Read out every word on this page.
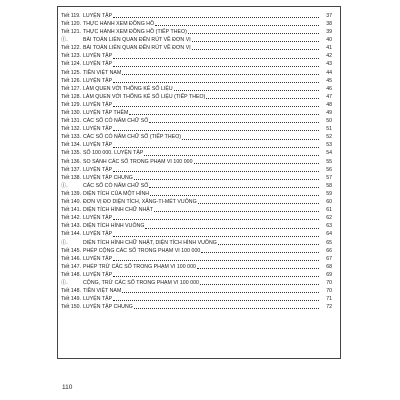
Tiết 119. LUYỆN TẬP	37
Tiết 120. THỰC HÀNH XEM ĐỒNG HỒ	38
Tiết 121. THỰC HÀNH XEM ĐỒNG HỒ (TIẾP THEO)	39
Ⓘ.	BÀI TOÁN LIÊN QUAN ĐẾN RÚT VỀ ĐƠN VỊ	40
Tiết 122. BÀI TOÁN LIÊN QUAN ĐẾN RÚT VỀ ĐƠN VỊ	41
Tiết 123. LUYỆN TẬP	42
Tiết 124. LUYỆN TẬP	43
Tiết 125. TIỀN VIỆT NAM	44
Tiết 126. LUYỆN TẬP	45
Tiết 127. LÀM QUEN VỚI THỐNG KÊ SỐ LIỆU	46
Tiết 128. LÀM QUEN VỚI THỐNG KÊ SỐ LIỆU (TIẾP THEO)	47
Tiết 129. LUYỆN TẬP	48
Tiết 130. LUYỆN TẬP THÊM	49
Tiết 131. CÁC SỐ CÓ NĂM CHỮ SỐ	50
Tiết 132. LUYỆN TẬP	51
Tiết 133. CÁC SỐ CÓ NĂM CHỮ SỐ (TIẾP THEO)	52
Tiết 134. LUYỆN TẬP	53
Tiết 135. SỐ 100 000. LUYỆN TẬP	54
Tiết 136. SO SÁNH CÁC SỐ TRONG PHẠM VI 100 000	55
Tiết 137. LUYỆN TẬP	56
Tiết 138. LUYỆN TẬP CHUNG	57
Ⓘ.	CÁC SỐ CÓ NĂM CHỮ SỐ	58
Tiết 139. DIỆN TÍCH CỦA MỘT HÌNH	59
Tiết 140. ĐƠN VỊ ĐO DIỆN TÍCH, XĂNG-TI-MÉT VUÔNG	60
Tiết 141. DIỆN TÍCH HÌNH CHỮ NHẬT	61
Tiết 142. LUYỆN TẬP	62
Tiết 143. DIỆN TÍCH HÌNH VUÔNG	63
Tiết 144. LUYỆN TẬP	64
Ⓘ.	DIỆN TÍCH HÌNH CHỮ NHẬT, DIỆN TÍCH HÌNH VUÔNG	65
Tiết 145. PHÉP CỘNG CÁC SỐ TRONG PHẠM VI 100 000	66
Tiết 146. LUYỆN TẬP	67
Tiết 147. PHÉP TRỪ CÁC SỐ TRONG PHẠM VI 100 000	68
Tiết 148. LUYỆN TẬP	69
Ⓘ.	CỘNG, TRỪ CÁC SỐ TRONG PHẠM VI 100 000	70
Tiết 148. TIỀN VIỆT NAM	70
Tiết 149. LUYỆN TẬP	71
Tiết 150. LUYỆN TẬP CHUNG	72
110
